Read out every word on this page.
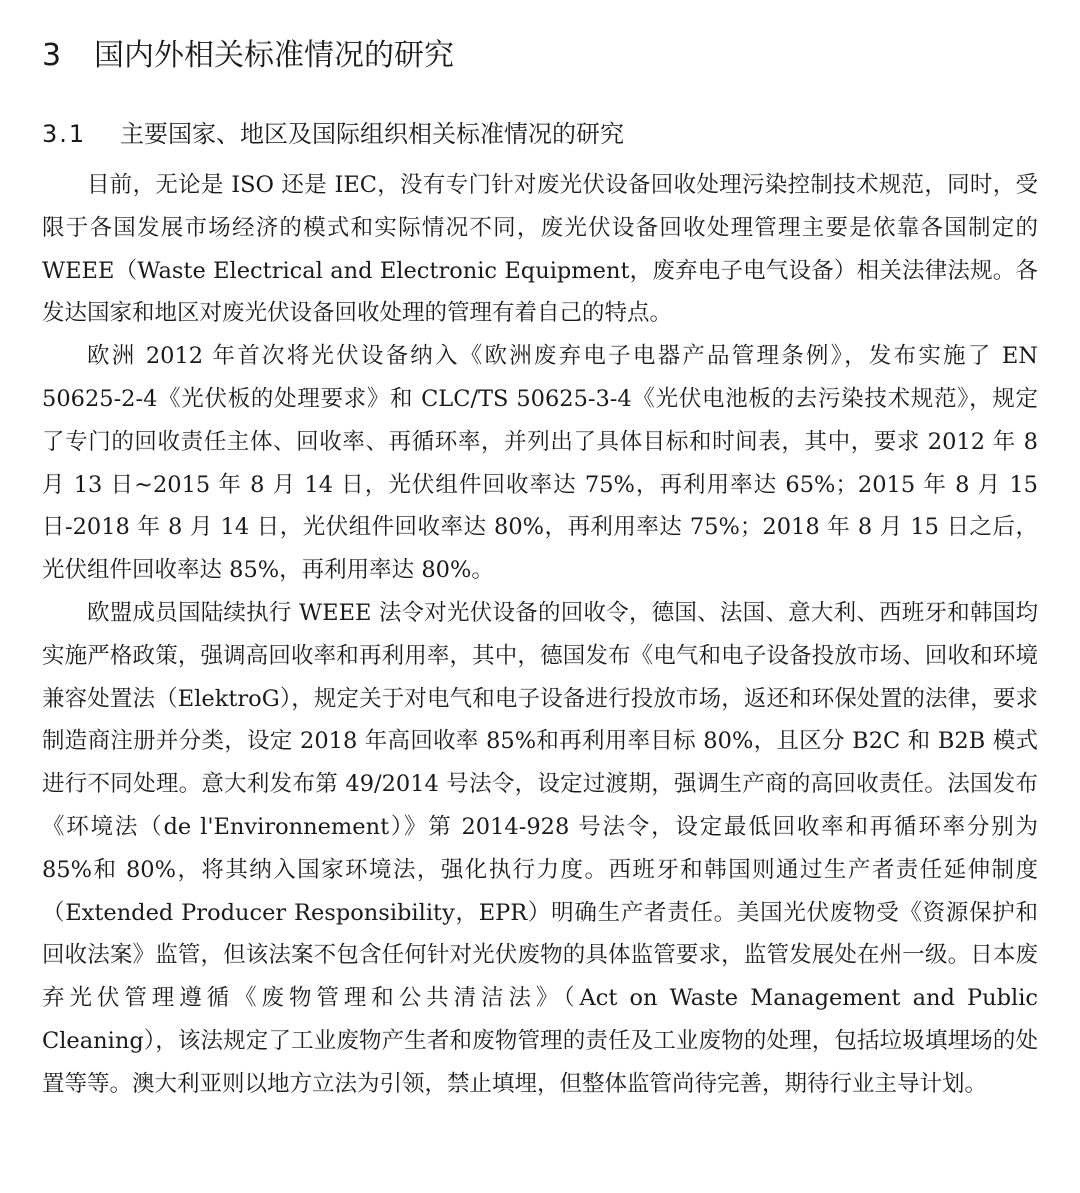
3	国内外相关标准情况的研究
3.1	主要国家、地区及国际组织相关标准情况的研究

目前，无论是 ISO 还是 IEC，没有专门针对废光伏设备回收处理污染控制技术规范，同时，受限于各国发展市场经济的模式和实际情况不同，废光伏设备回收处理管理主要是依靠各国制定的 WEEE（Waste Electrical and Electronic Equipment，废弃电子电气设备）相关法律法规。各发达国家和地区对废光伏设备回收处理的管理有着自己的特点。

欧洲 2012 年首次将光伏设备纳入《欧洲废弃电子电器产品管理条例》，发布实施了 EN 50625-2-4《光伏板的处理要求》和 CLC/TS 50625-3-4《光伏电池板的去污染技术规范》，规定了专门的回收责任主体、回收率、再循环率，并列出了具体目标和时间表，其中，要求 2012 年 8 月 13 日~2015 年 8 月 14 日，光伏组件回收率达 75%，再利用率达 65%；2015 年 8 月 15 日-2018 年 8 月 14 日，光伏组件回收率达 80%，再利用率达 75%；2018 年 8 月 15 日之后，光伏组件回收率达 85%，再利用率达 80%。

欧盟成员国陆续执行 WEEE 法令对光伏设备的回收令，德国、法国、意大利、西班牙和韩国均实施严格政策，强调高回收率和再利用率，其中，德国发布《电气和电子设备投放市场、回收和环境兼容处置法（ElektroG），规定关于对电气和电子设备进行投放市场，返还和环保处置的法律，要求制造商注册并分类，设定 2018 年高回收率 85%和再利用率目标 80%，且区分 B2C 和 B2B 模式进行不同处理。意大利发布第 49/2014 号法令，设定过渡期，强调生产商的高回收责任。法国发布《环境法（de l'Environnement）》第 2014-928 号法令，设定最低回收率和再循环率分别为 85%和 80%，将其纳入国家环境法，强化执行力度。西班牙和韩国则通过生产者责任延伸制度（Extended Producer Responsibility，EPR）明确生产者责任。美国光伏废物受《资源保护和回收法案》监管，但该法案不包含任何针对光伏废物的具体监管要求，监管发展处在州一级。日本废弃光伏管理遵循《废物管理和公共清洁法》（Act on Waste Management and Public Cleaning），该法规定了工业废物产生者和废物管理的责任及工业废物的处理，包括垃圾填埋场的处置等等。澳大利亚则以地方立法为引领，禁止填埋，但整体监管尚待完善，期待行业主导计划。
